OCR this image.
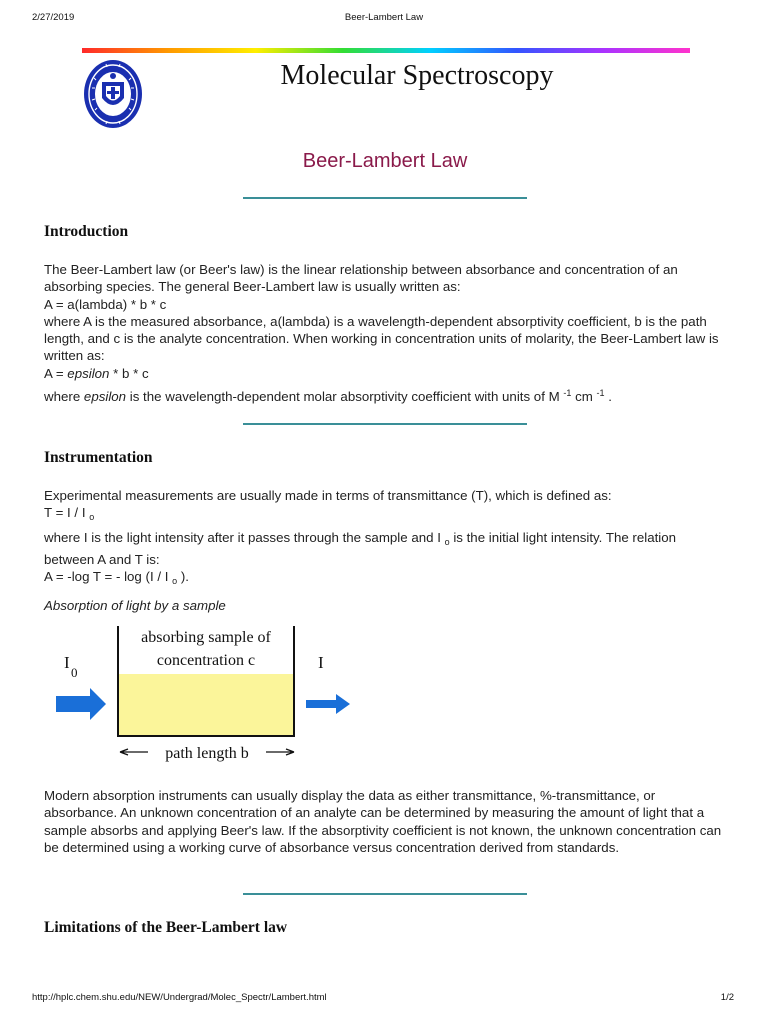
2/27/2019	Beer-Lambert Law
Molecular Spectroscopy
Beer-Lambert Law
Introduction

The Beer-Lambert law (or Beer's law) is the linear relationship between absorbance and concentration of an absorbing species. The general Beer-Lambert law is usually written as:

A = a(lambda) * b * c

where A is the measured absorbance, a(lambda) is a wavelength-dependent absorptivity coefficient, b is the path length, and c is the analyte concentration. When working in concentration units of molarity, the Beer-Lambert law is written as:

A = epsilon * b * c

where epsilon is the wavelength-dependent molar absorptivity coefficient with units of M $^{-1}$ cm $^{-1}$ .

Instrumentation

Experimental measurements are usually made in terms of transmittance (T), which is defined as:

T = I / I $_o$

where I is the light intensity after it passes through the sample and I $_o$ is the initial light intensity. The relation between A and T is:

A = -log T = - log (I / I $_o$ ).

Absorption of light by a sample
absorbing sample of
concentration c
I
0
I
path length b

Modern absorption instruments can usually display the data as either transmittance, %-transmittance, or absorbance. An unknown concentration of an analyte can be determined by measuring the amount of light that a sample absorbs and applying Beer's law. If the absorptivity coefficient is not known, the unknown concentration can be determined using a working curve of absorbance versus concentration derived from standards.

Limitations of the Beer-Lambert law
http://hplc.chem.shu.edu/NEW/Undergrad/Molec_Spectr/Lambert.html	1/2
